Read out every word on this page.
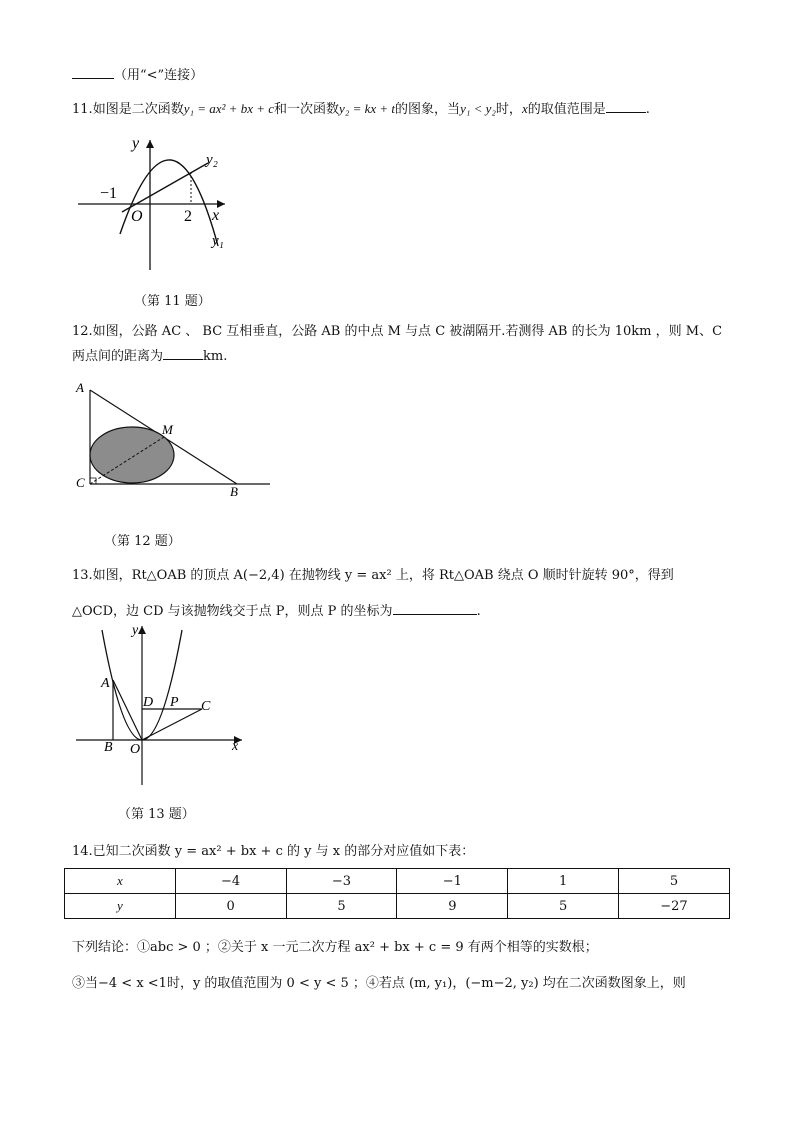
（用“<”连接）
11.如图是二次函数y₁ = ax² + bx + c和一次函数y₂ = kx + t的图象，当y₁ < y₂时，x的取值范围是	.
y
x
y₂
y₁
−1
2
O
（第 11 题）
12.如图，公路 AC 、 BC 互相垂直，公路 AB 的中点 M 与点 C 被湖隔开.若测得 AB 的长为 10km ，则 M、C
两点间的距离为	km.
A
M
C
B
（第 12 题）
13.如图，Rt△OAB 的顶点 A(−2,4) 在抛物线 y = ax² 上，将 Rt△OAB 绕点 O 顺时针旋转 90°，得到
△OCD，边 CD 与该抛物线交于点 P，则点 P 的坐标为	.
y
x
A
B O
D P C
（第 13 题）
14.已知二次函数 y = ax² + bx + c 的 y 与 x 的部分对应值如下表：
x	−4	−3	−1	1	5
y	0	5	9	5	−27
下列结论：①abc > 0 ；②关于 x 一元二次方程 ax² + bx + c = 9 有两个相等的实数根；
③当−4 < x <1时，y 的取值范围为 0 < y < 5 ；④若点 (m, y₁)，(−m−2, y₂) 均在二次函数图象上，则
